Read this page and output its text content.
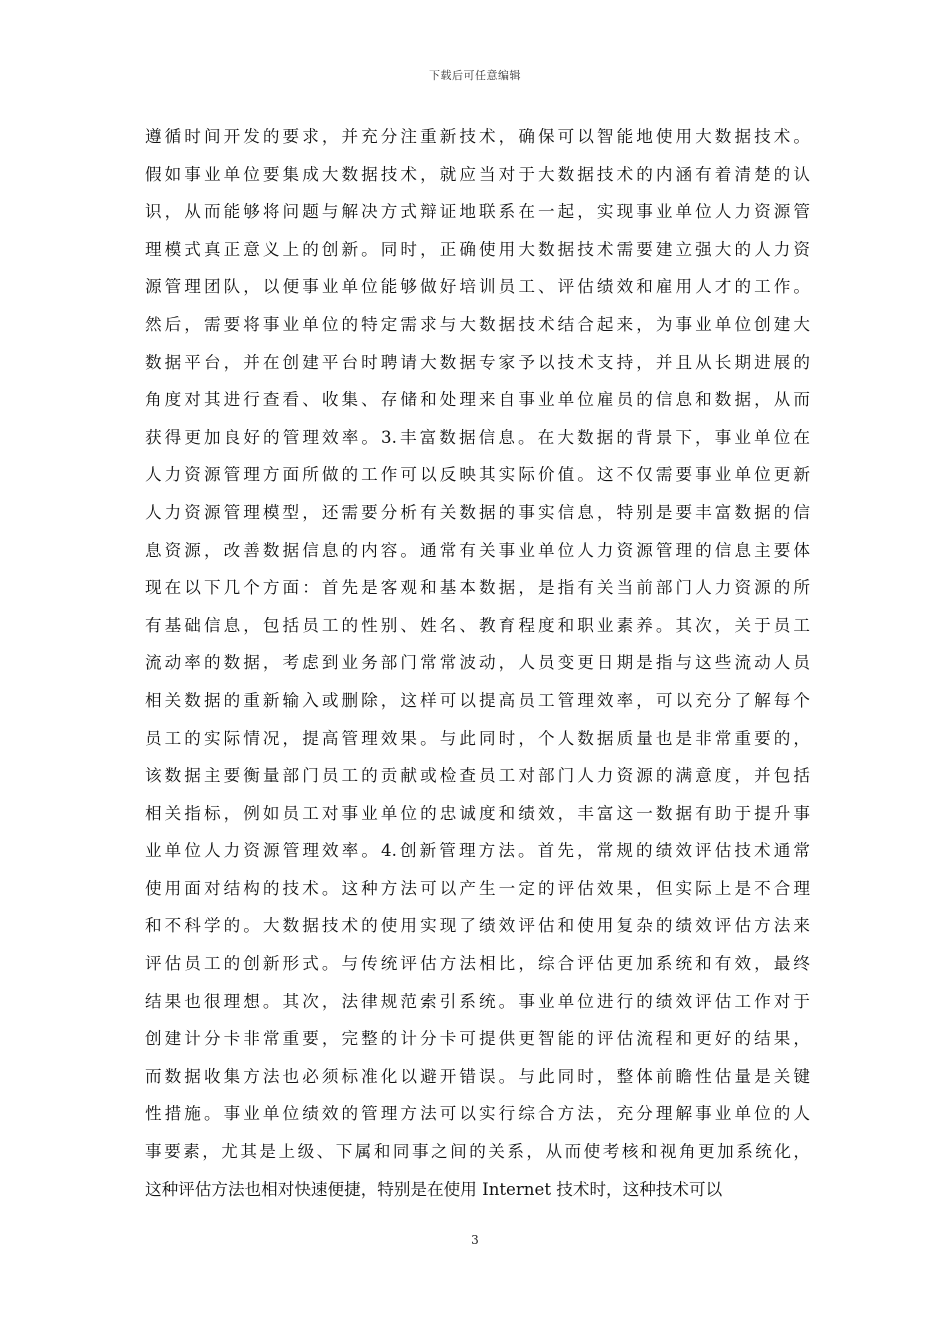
下载后可任意编辑
遵循时间开发的要求，并充分注重新技术，确保可以智能地使用大数据技术。
假如事业单位要集成大数据技术，就应当对于大数据技术的内涵有着清楚的认
识，从而能够将问题与解决方式辩证地联系在一起，实现事业单位人力资源管
理模式真正意义上的创新。同时，正确使用大数据技术需要建立强大的人力资
源管理团队，以便事业单位能够做好培训员工、评估绩效和雇用人才的工作。
然后，需要将事业单位的特定需求与大数据技术结合起来，为事业单位创建大
数据平台，并在创建平台时聘请大数据专家予以技术支持，并且从长期进展的
角度对其进行查看、收集、存储和处理来自事业单位雇员的信息和数据，从而
获得更加良好的管理效率。3.丰富数据信息。在大数据的背景下，事业单位在
人力资源管理方面所做的工作可以反映其实际价值。这不仅需要事业单位更新
人力资源管理模型，还需要分析有关数据的事实信息，特别是要丰富数据的信
息资源，改善数据信息的内容。通常有关事业单位人力资源管理的信息主要体
现在以下几个方面：首先是客观和基本数据，是指有关当前部门人力资源的所
有基础信息，包括员工的性别、姓名、教育程度和职业素养。其次，关于员工
流动率的数据，考虑到业务部门常常波动，人员变更日期是指与这些流动人员
相关数据的重新输入或删除，这样可以提高员工管理效率，可以充分了解每个
员工的实际情况，提高管理效果。与此同时，个人数据质量也是非常重要的，
该数据主要衡量部门员工的贡献或检查员工对部门人力资源的满意度，并包括
相关指标，例如员工对事业单位的忠诚度和绩效，丰富这一数据有助于提升事
业单位人力资源管理效率。4.创新管理方法。首先，常规的绩效评估技术通常
使用面对结构的技术。这种方法可以产生一定的评估效果，但实际上是不合理
和不科学的。大数据技术的使用实现了绩效评估和使用复杂的绩效评估方法来
评估员工的创新形式。与传统评估方法相比，综合评估更加系统和有效，最终
结果也很理想。其次，法律规范索引系统。事业单位进行的绩效评估工作对于
创建计分卡非常重要，完整的计分卡可提供更智能的评估流程和更好的结果，
而数据收集方法也必须标准化以避开错误。与此同时，整体前瞻性估量是关键
性措施。事业单位绩效的管理方法可以实行综合方法，充分理解事业单位的人
事要素，尤其是上级、下属和同事之间的关系，从而使考核和视角更加系统化，
这种评估方法也相对快速便捷，特别是在使用 Internet 技术时，这种技术可以
3
